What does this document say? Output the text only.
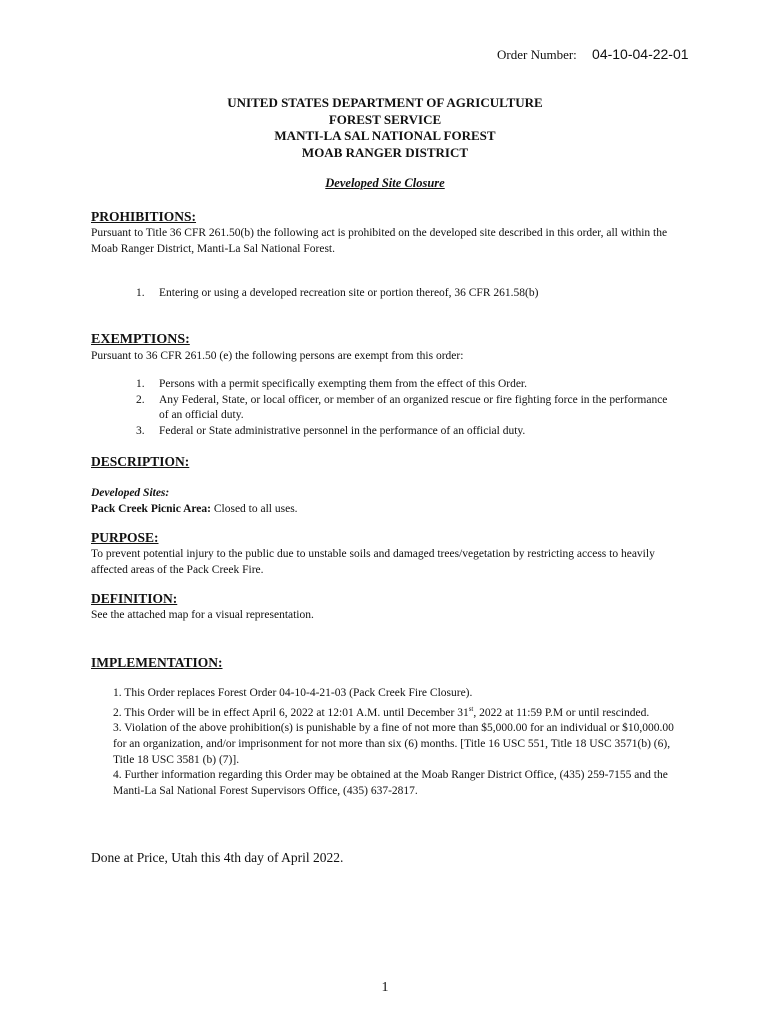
Order Number: 04-10-04-22-01
UNITED STATES DEPARTMENT OF AGRICULTURE
FOREST SERVICE
MANTI-LA SAL NATIONAL FOREST
MOAB RANGER DISTRICT
Developed Site Closure
PROHIBITIONS:
Pursuant to Title 36 CFR 261.50(b) the following act is prohibited on the developed site described in this order, all within the Moab Ranger District, Manti-La Sal National Forest.
1. Entering or using a developed recreation site or portion thereof, 36 CFR 261.58(b)
EXEMPTIONS:
Pursuant to 36 CFR 261.50 (e) the following persons are exempt from this order:
1. Persons with a permit specifically exempting them from the effect of this Order.
2. Any Federal, State, or local officer, or member of an organized rescue or fire fighting force in the performance of an official duty.
3. Federal or State administrative personnel in the performance of an official duty.
DESCRIPTION:
Developed Sites:
Pack Creek Picnic Area: Closed to all uses.
PURPOSE:
To prevent potential injury to the public due to unstable soils and damaged trees/vegetation by restricting access to heavily affected areas of the Pack Creek Fire.
DEFINITION:
See the attached map for a visual representation.
IMPLEMENTATION:
1. This Order replaces Forest Order 04-10-4-21-03 (Pack Creek Fire Closure).
2. This Order will be in effect April 6, 2022 at 12:01 A.M. until December 31st, 2022 at 11:59 P.M or until rescinded.
3. Violation of the above prohibition(s) is punishable by a fine of not more than $5,000.00 for an individual or $10,000.00 for an organization, and/or imprisonment for not more than six (6) months. [Title 16 USC 551, Title 18 USC 3571(b) (6), Title 18 USC 3581 (b) (7)].
4. Further information regarding this Order may be obtained at the Moab Ranger District Office, (435) 259-7155 and the Manti-La Sal National Forest Supervisors Office, (435) 637-2817.
Done at Price, Utah this 4th day of April 2022.
1
